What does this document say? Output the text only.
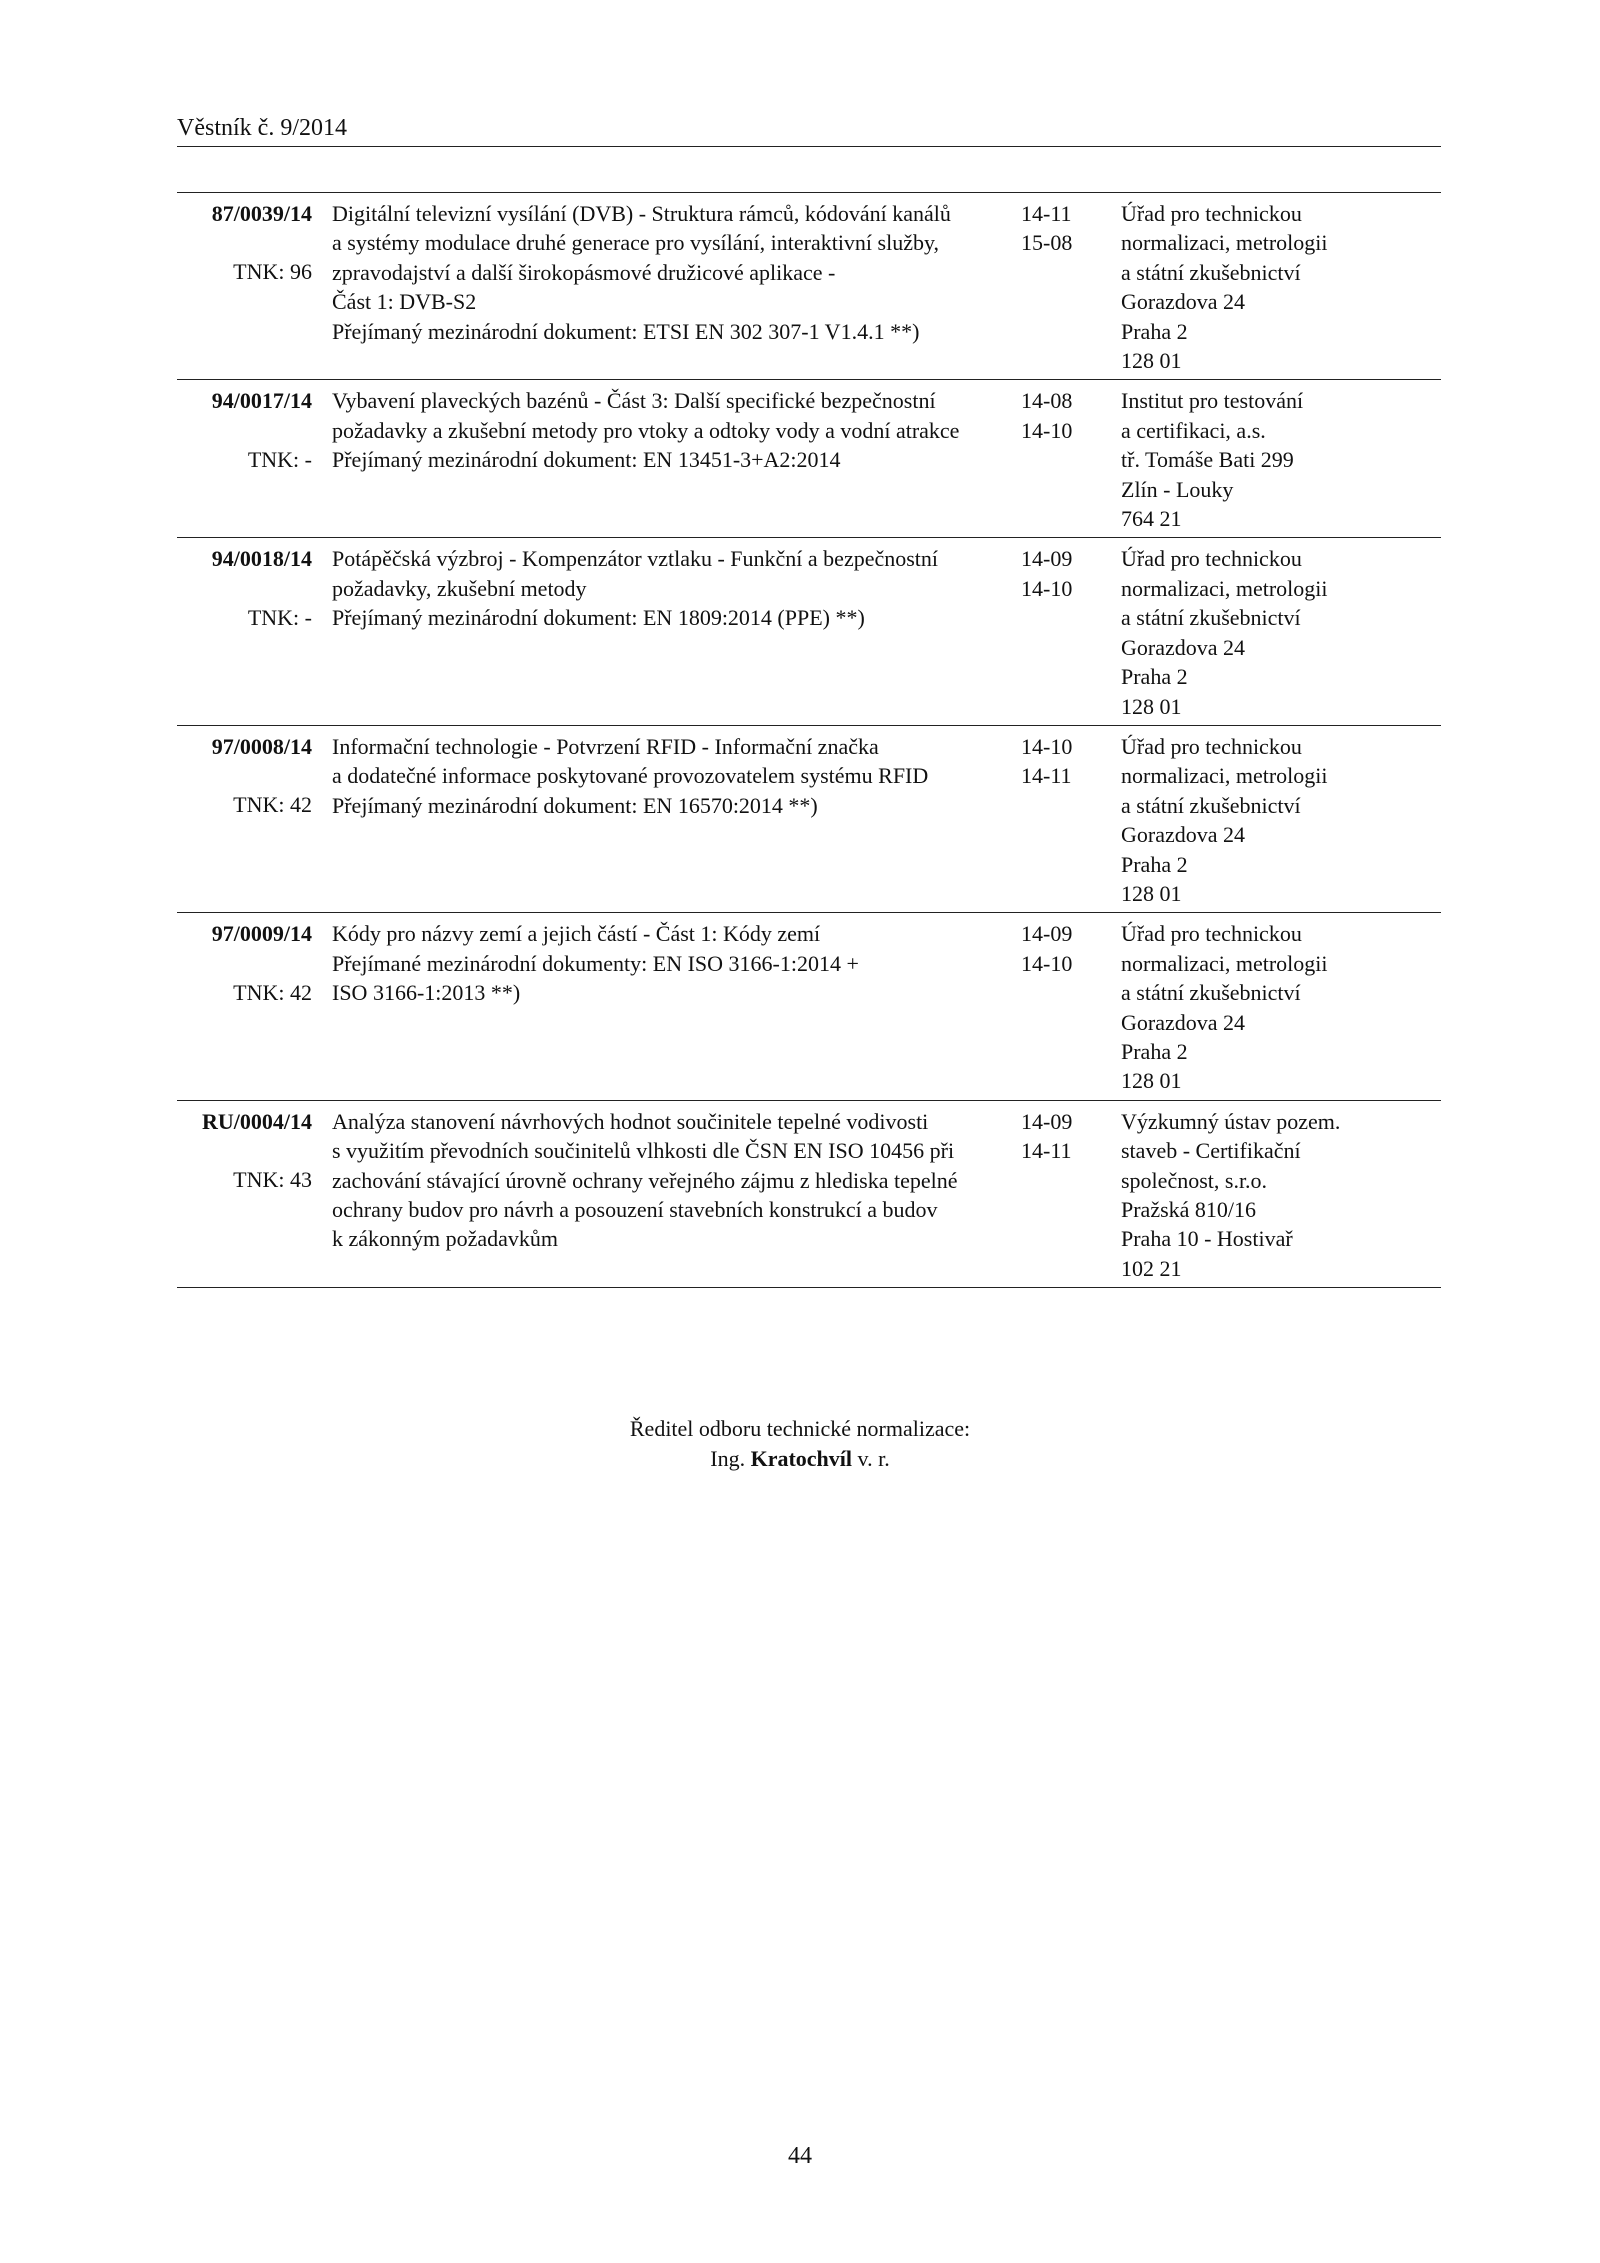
Věstník č. 9/2014
87/0039/14
TNK: 96
Digitální televizní vysílání (DVB) - Struktura rámců, kódování kanálů
a systémy modulace druhé generace pro vysílání, interaktivní služby,
zpravodajství a další širokopásmové družicové aplikace -
Část 1: DVB-S2
Přejímaný mezinárodní dokument: ETSI EN 302 307-1 V1.4.1 **)
14-11
15-08
Úřad pro technickou
normalizaci, metrologii
a státní zkušebnictví
Gorazdova 24
Praha 2
128 01
94/0017/14
TNK: -
Vybavení plaveckých bazénů - Část 3: Další specifické bezpečnostní
požadavky a zkušební metody pro vtoky a odtoky vody a vodní atrakce
Přejímaný mezinárodní dokument: EN 13451-3+A2:2014
14-08
14-10
Institut pro testování
a certifikaci, a.s.
tř. Tomáše Bati 299
Zlín - Louky
764 21
94/0018/14
TNK: -
Potápěčská výzbroj - Kompenzátor vztlaku - Funkční a bezpečnostní
požadavky, zkušební metody
Přejímaný mezinárodní dokument: EN 1809:2014 (PPE) **)
14-09
14-10
Úřad pro technickou
normalizaci, metrologii
a státní zkušebnictví
Gorazdova 24
Praha 2
128 01
97/0008/14
TNK: 42
Informační technologie - Potvrzení RFID - Informační značka
a dodatečné informace poskytované provozovatelem systému RFID
Přejímaný mezinárodní dokument: EN 16570:2014 **)
14-10
14-11
Úřad pro technickou
normalizaci, metrologii
a státní zkušebnictví
Gorazdova 24
Praha 2
128 01
97/0009/14
TNK: 42
Kódy pro názvy zemí a jejich částí - Část 1: Kódy zemí
Přejímané mezinárodní dokumenty: EN ISO 3166-1:2014 +
ISO 3166-1:2013 **)
14-09
14-10
Úřad pro technickou
normalizaci, metrologii
a státní zkušebnictví
Gorazdova 24
Praha 2
128 01
RU/0004/14
TNK: 43
Analýza stanovení návrhových hodnot součinitele tepelné vodivosti
s využitím převodních součinitelů vlhkosti dle ČSN EN ISO 10456 při
zachování stávající úrovně ochrany veřejného zájmu z hlediska tepelné
ochrany budov pro návrh a posouzení stavebních konstrukcí a budov
k zákonným požadavkům
14-09
14-11
Výzkumný ústav pozem.
staveb - Certifikační
společnost, s.r.o.
Pražská 810/16
Praha 10 - Hostivař
102 21
Ředitel odboru technické normalizace:
Ing. Kratochvíl v. r.
44
